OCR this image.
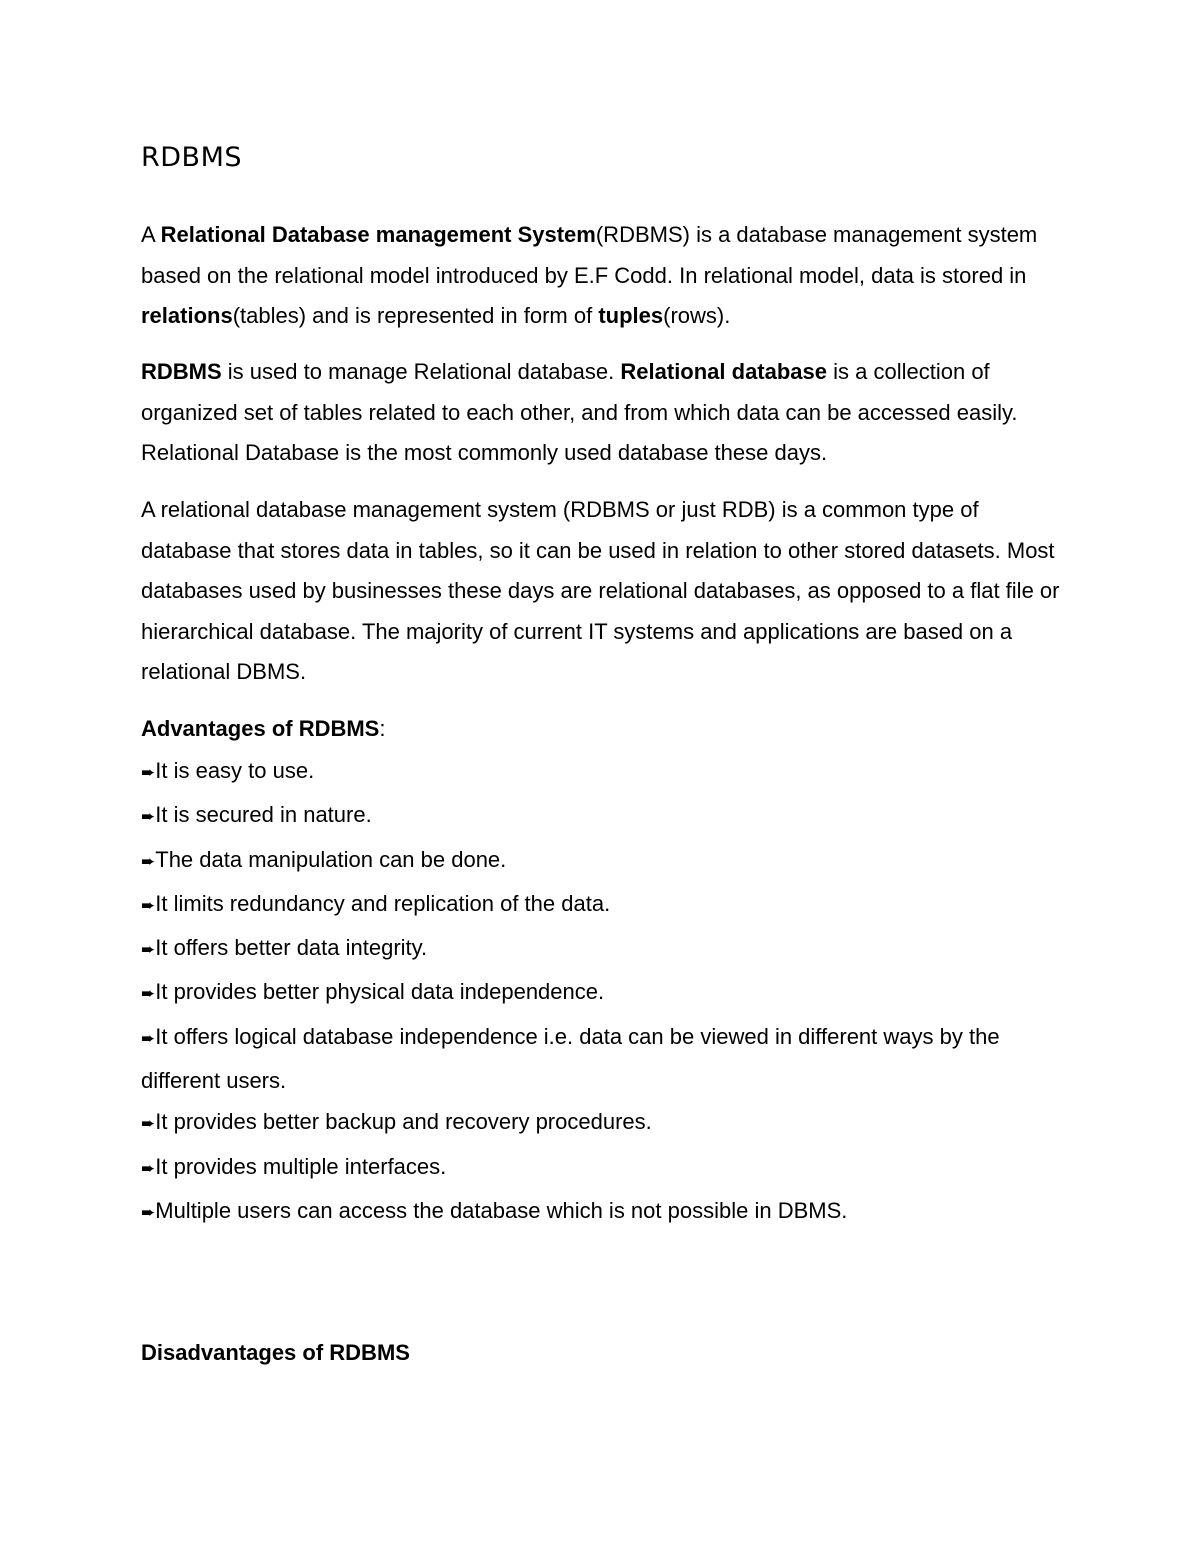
RDBMS

A Relational Database management System(RDBMS) is a database management system based on the relational model introduced by E.F Codd. In relational model, data is stored in relations(tables) and is represented in form of tuples(rows).

RDBMS is used to manage Relational database. Relational database is a collection of organized set of tables related to each other, and from which data can be accessed easily. Relational Database is the most commonly used database these days.

A relational database management system (RDBMS or just RDB) is a common type of database that stores data in tables, so it can be used in relation to other stored datasets. Most databases used by businesses these days are relational databases, as opposed to a flat file or hierarchical database. The majority of current IT systems and applications are based on a relational DBMS.

Advantages of RDBMS:

➨It is easy to use.
➨It is secured in nature.
➨The data manipulation can be done.
➨It limits redundancy and replication of the data.
➨It offers better data integrity.
➨It provides better physical data independence.
➨It offers logical database independence i.e. data can be viewed in different ways by the different users.
➨It provides better backup and recovery procedures.
➨It provides multiple interfaces.
➨Multiple users can access the database which is not possible in DBMS.

Disadvantages of RDBMS
